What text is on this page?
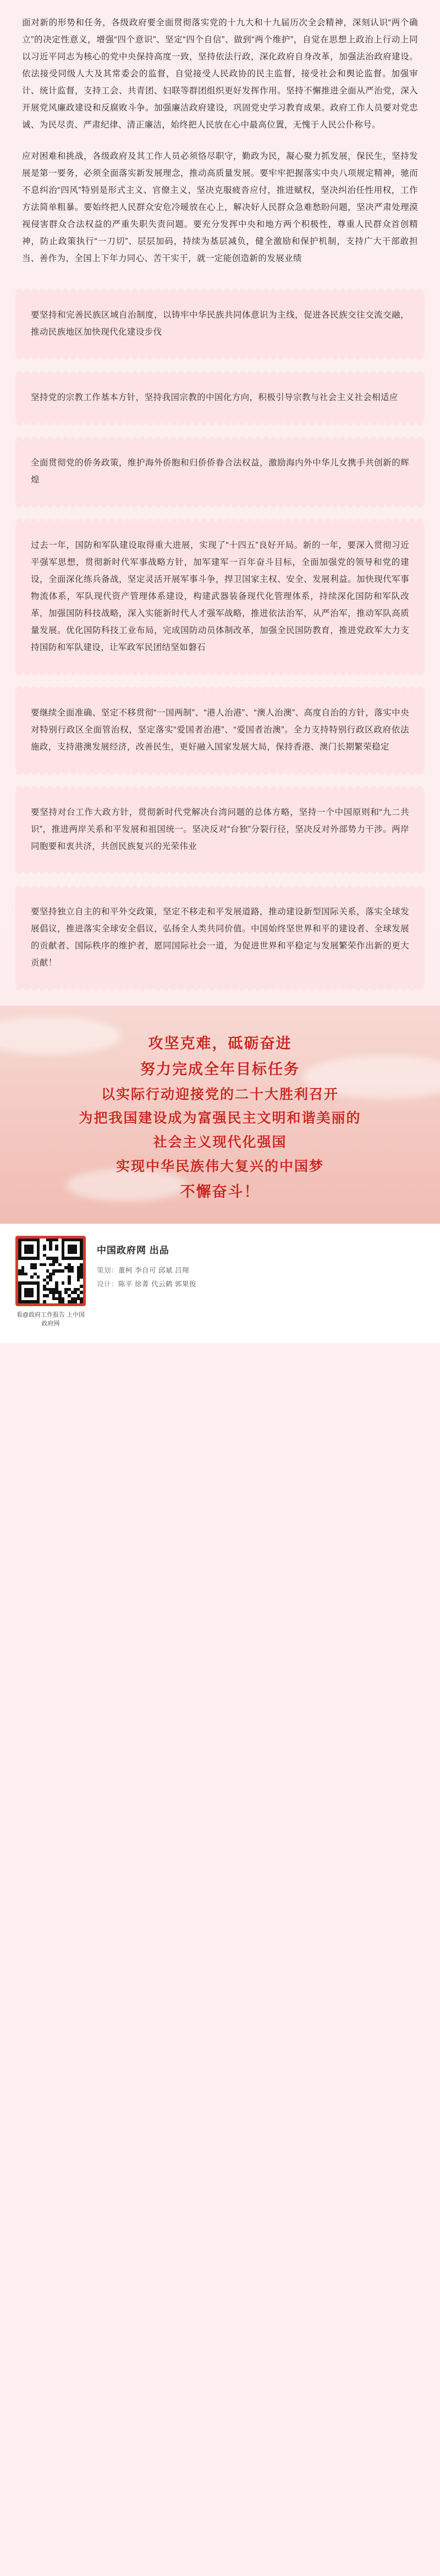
面对新的形势和任务，各级政府要全面贯彻落实党的十九大和十九届历次全会精神，深刻认识“两个确立”的决定性意义，增强“四个意识”、坚定“四个自信”、做到“两个维护”，自觉在思想上政治上行动上同以习近平同志为核心的党中央保持高度一致，坚持依法行政，深化政府自身改革，加强法治政府建设。依法接受同级人大及其常委会的监督，自觉接受人民政协的民主监督，接受社会和舆论监督。加强审计、统计监督，支持工会、共青团、妇联等群团组织更好发挥作用。坚持不懈推进全面从严治党，深入开展党风廉政建设和反腐败斗争。加强廉洁政府建设，巩固党史学习教育成果。政府工作人员要对党忠诚、为民尽责、严肃纪律、清正廉洁，始终把人民放在心中最高位置，无愧于人民公仆称号。

应对困难和挑战，各级政府及其工作人员必须恪尽职守，勤政为民，凝心聚力抓发展，保民生，坚持发展是第一要务，必须全面落实新发展理念，推动高质量发展。要牢牢把握落实中央八项规定精神，驰而不息纠治“四风”特别是形式主义、官僚主义，坚决克服疲沓应付，推进赋权，坚决纠治任性用权，工作方法简单粗暴。要始终把人民群众安危冷暖放在心上，解决好人民群众急难愁盼问题，坚决严肃处理漠视侵害群众合法权益的严重失职失责问题。要充分发挥中央和地方两个积极性，尊重人民群众首创精神，防止政策执行“一刀切”、层层加码，持续为基层减负，健全激励和保护机制，支持广大干部敢担当、善作为，全国上下年力同心、苦干实干，就一定能创造新的发展业绩

要坚持和完善民族区域自治制度，以铸牢中华民族共同体意识为主线，促进各民族交往交流交融，推动民族地区加快现代化建设步伐
坚持党的宗教工作基本方针，坚持我国宗教的中国化方向，积极引导宗教与社会主义社会相适应
全面贯彻党的侨务政策，维护海外侨胞和归侨侨眷合法权益，激励海内外中华儿女携手共创新的辉煌
过去一年，国防和军队建设取得重大进展，实现了“十四五”良好开局。新的一年，要深入贯彻习近平强军思想，贯彻新时代军事战略方针，加军建军一百年奋斗目标，全面加强党的领导和党的建设，全面深化练兵备战，坚定灵活开展军事斗争，捍卫国家主权、安全、发展利益。加快现代军事物流体系，军队现代资产管理体系建设，构建武器装备现代化管理体系，持续深化国防和军队改革，加强国防科技战略，深入实能新时代人才强军战略，推进依法治军，从严治军，推动军队高质量发展。优化国防科技工业布局，完成国防动员体制改革，加强全民国防教育，推进党政军大力支持国防和军队建设，让军政军民团结坚如磐石
要继续全面准确、坚定不移贯彻“一国两制”、“港人治港”、“澳人治澳”、高度自治的方针，落实中央对特别行政区全面管治权，坚定落实“爱国者治港”、“爱国者治澳”。全力支持特别行政区政府依法施政，支持港澳发展经济，改善民生，更好融入国家发展大局，保持香港、澳门长期繁荣稳定
要坚持对台工作大政方针，贯彻新时代党解决台湾问题的总体方略，坚持一个中国原则和“九二共识”，推进两岸关系和平发展和祖国统一。坚决反对“台独”分裂行径，坚决反对外部势力干涉。两岸同胞要和衷共济，共创民族复兴的光荣伟业
要坚持独立自主的和平外交政策，坚定不移走和平发展道路，推动建设新型国际关系，落实全球发展倡议，推进落实全球安全倡议，弘扬全人类共同价值。中国始终坚世界和平的建设者、全球发展的贡献者、国际秩序的维护者，愿同国际社会一道，为促进世界和平稳定与发展繁荣作出新的更大贡献！
攻坚克难，砥砺奋进
努力完成全年目标任务
以实际行动迎接党的二十大胜利召开
为把我国建设成为富强民主文明和谐美丽的
社会主义现代化强国
实现中华民族伟大复兴的中国梦
不懈奋斗！
看@政府工作报告 上中国政府网
中国政府网 出品
策划：董柯 李自可 邱斌 吕翔
设计：陈平 徐菁 代云鹤 郭果俊
